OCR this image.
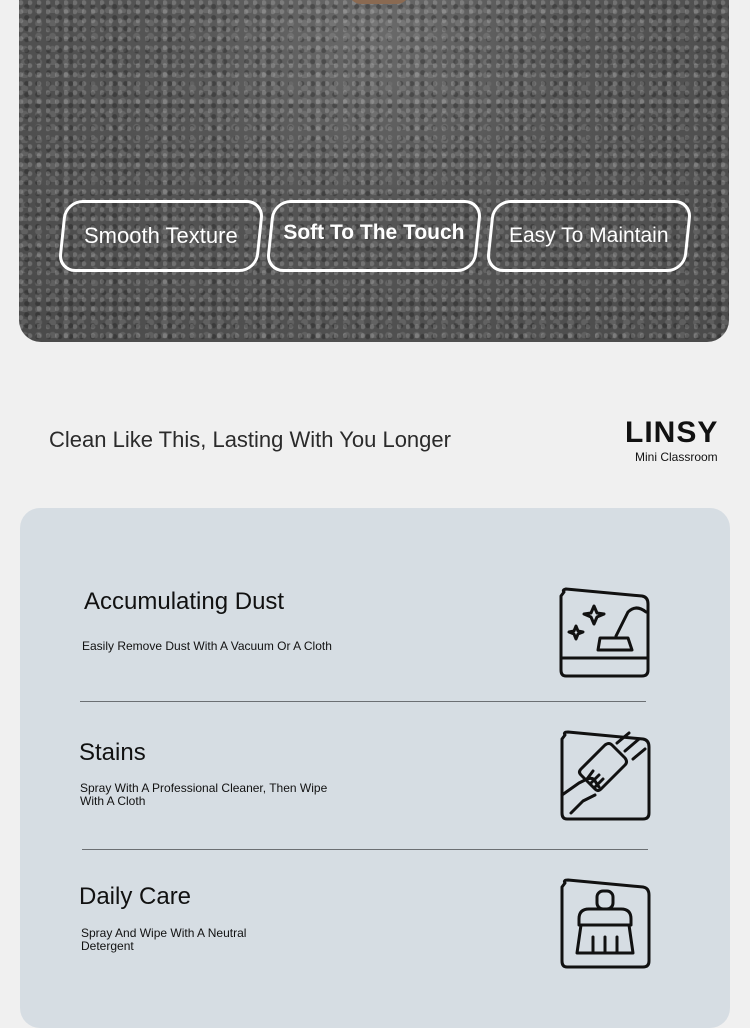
Smooth Texture Soft To The Touch Easy To Maintain
Clean Like This, Lasting With You Longer	LINSY
Mini Classroom
Accumulating Dust
Easily Remove Dust With A Vacuum Or A Cloth
Stains
Spray With A Professional Cleaner, Then Wipe With A Cloth
Daily Care
Spray And Wipe With A Neutral Detergent
